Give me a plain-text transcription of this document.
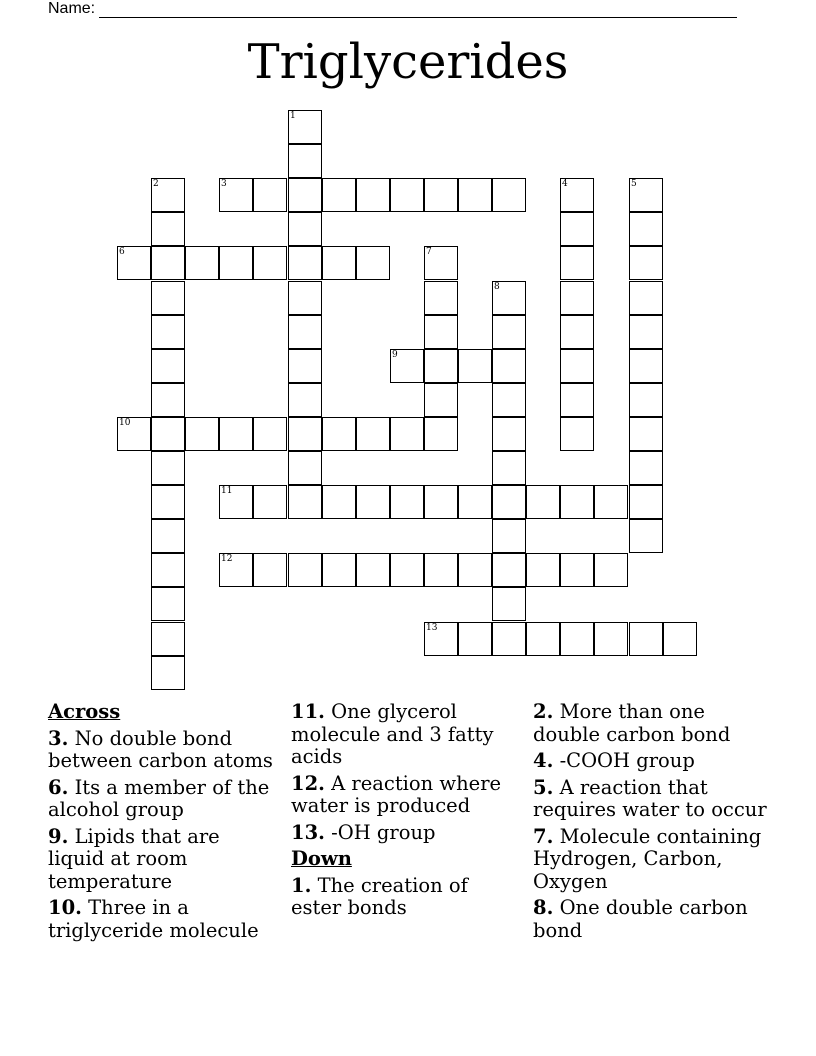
Name:
Triglycerides
1
2	3	4	5
6	7
8
9
10
11
12
13
Across
3. No double bond between carbon atoms
6. Its a member of the alcohol group
9. Lipids that are liquid at room temperature
10. Three in a triglyceride molecule
11. One glycerol molecule and 3 fatty acids
12. A reaction where water is produced
13. -OH group
Down
1. The creation of ester bonds
2. More than one double carbon bond
4. -COOH group
5. A reaction that requires water to occur
7. Molecule containing Hydrogen, Carbon, Oxygen
8. One double carbon bond
